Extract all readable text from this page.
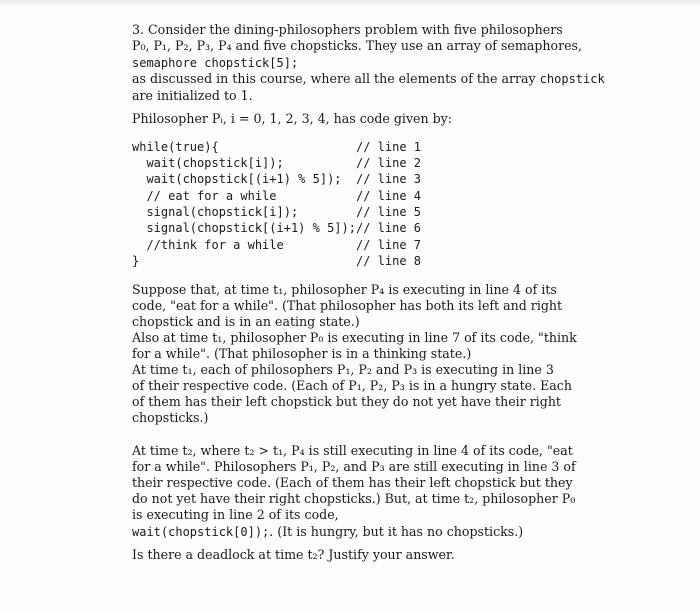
3. Consider the dining-philosophers problem with five philosophers
P₀, P₁, P₂, P₃, P₄ and five chopsticks. They use an array of semaphores,
semaphore chopstick[5];
as discussed in this course, where all the elements of the array chopstick
are initialized to 1.
Philosopher Pᵢ, i = 0, 1, 2, 3, 4, has code given by:
while(true){
wait(chopstick[i]);
wait(chopstick[(i+1) % 5]);
// eat for a while
signal(chopstick[i]);
signal(chopstick[(i+1) % 5]);
//think for a while
}
// line 1
// line 2
// line 3
// line 4
// line 5
// line 6
// line 7
// line 8
Suppose that, at time t₁, philosopher P₄ is executing in line 4 of its
code, "eat for a while". (That philosopher has both its left and right
chopstick and is in an eating state.)
Also at time t₁, philosopher P₀ is executing in line 7 of its code, "think
for a while". (That philosopher is in a thinking state.)
At time t₁, each of philosophers P₁, P₂ and P₃ is executing in line 3
of their respective code. (Each of P₁, P₂, P₃ is in a hungry state. Each
of them has their left chopstick but they do not yet have their right
chopsticks.)
At time t₂, where t₂ > t₁, P₄ is still executing in line 4 of its code, "eat
for a while". Philosophers P₁, P₂, and P₃ are still executing in line 3 of
their respective code. (Each of them has their left chopstick but they
do not yet have their right chopsticks.) But, at time t₂, philosopher P₀
is executing in line 2 of its code,
wait(chopstick[0]);. (It is hungry, but it has no chopsticks.)
Is there a deadlock at time t₂? Justify your answer.
